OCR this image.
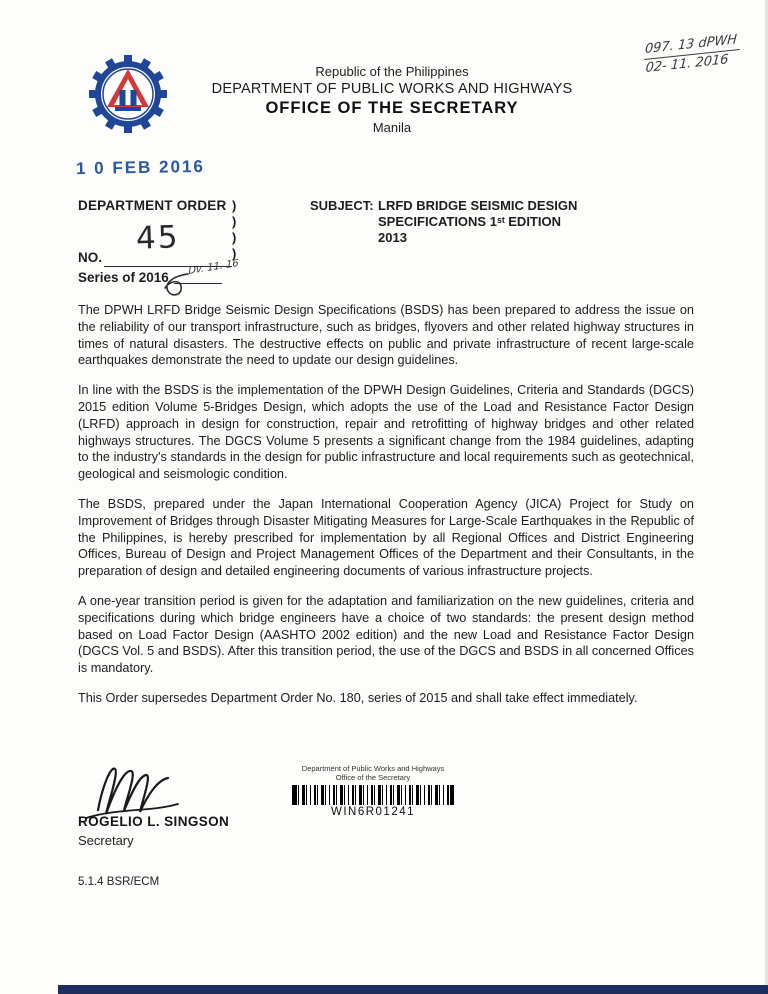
097. 13 dPWH
02- 11. 2016
Republic of the Philippines
DEPARTMENT OF PUBLIC WORKS AND HIGHWAYS
OFFICE OF THE SECRETARY
Manila
1 0 FEB 2016
DEPARTMENT ORDER )
)
)
)
SUBJECT: LRFD BRIDGE SEISMIC DESIGN
SPECIFICATIONS 1ˢᵗ EDITION
2013
NO.
45
Series of 2016
Dv. 11. 16

The DPWH LRFD Bridge Seismic Design Specifications (BSDS) has been prepared to address the issue on the reliability of our transport infrastructure, such as bridges, flyovers and other related highway structures in times of natural disasters. The destructive effects on public and private infrastructure of recent large-scale earthquakes demonstrate the need to update our design guidelines.

In line with the BSDS is the implementation of the DPWH Design Guidelines, Criteria and Standards (DGCS) 2015 edition Volume 5-Bridges Design, which adopts the use of the Load and Resistance Factor Design (LRFD) approach in design for construction, repair and retrofitting of highway bridges and other related highways structures. The DGCS Volume 5 presents a significant change from the 1984 guidelines, adapting to the industry's standards in the design for public infrastructure and local requirements such as geotechnical, geological and seismologic condition.

The BSDS, prepared under the Japan International Cooperation Agency (JICA) Project for Study on Improvement of Bridges through Disaster Mitigating Measures for Large-Scale Earthquakes in the Republic of the Philippines, is hereby prescribed for implementation by all Regional Offices and District Engineering Offices, Bureau of Design and Project Management Offices of the Department and their Consultants, in the preparation of design and detailed engineering documents of various infrastructure projects.

A one-year transition period is given for the adaptation and familiarization on the new guidelines, criteria and specifications during which bridge engineers have a choice of two standards: the present design method based on Load Factor Design (AASHTO 2002 edition) and the new Load and Resistance Factor Design (DGCS Vol. 5 and BSDS). After this transition period, the use of the DGCS and BSDS in all concerned Offices is mandatory.

This Order supersedes Department Order No. 180, series of 2015 and shall take effect immediately.

ROGELIO L. SINGSON
Secretary
Department of Public Works and Highways
Office of the Secretary
WIN6R01241
5.1.4 BSR/ECM
